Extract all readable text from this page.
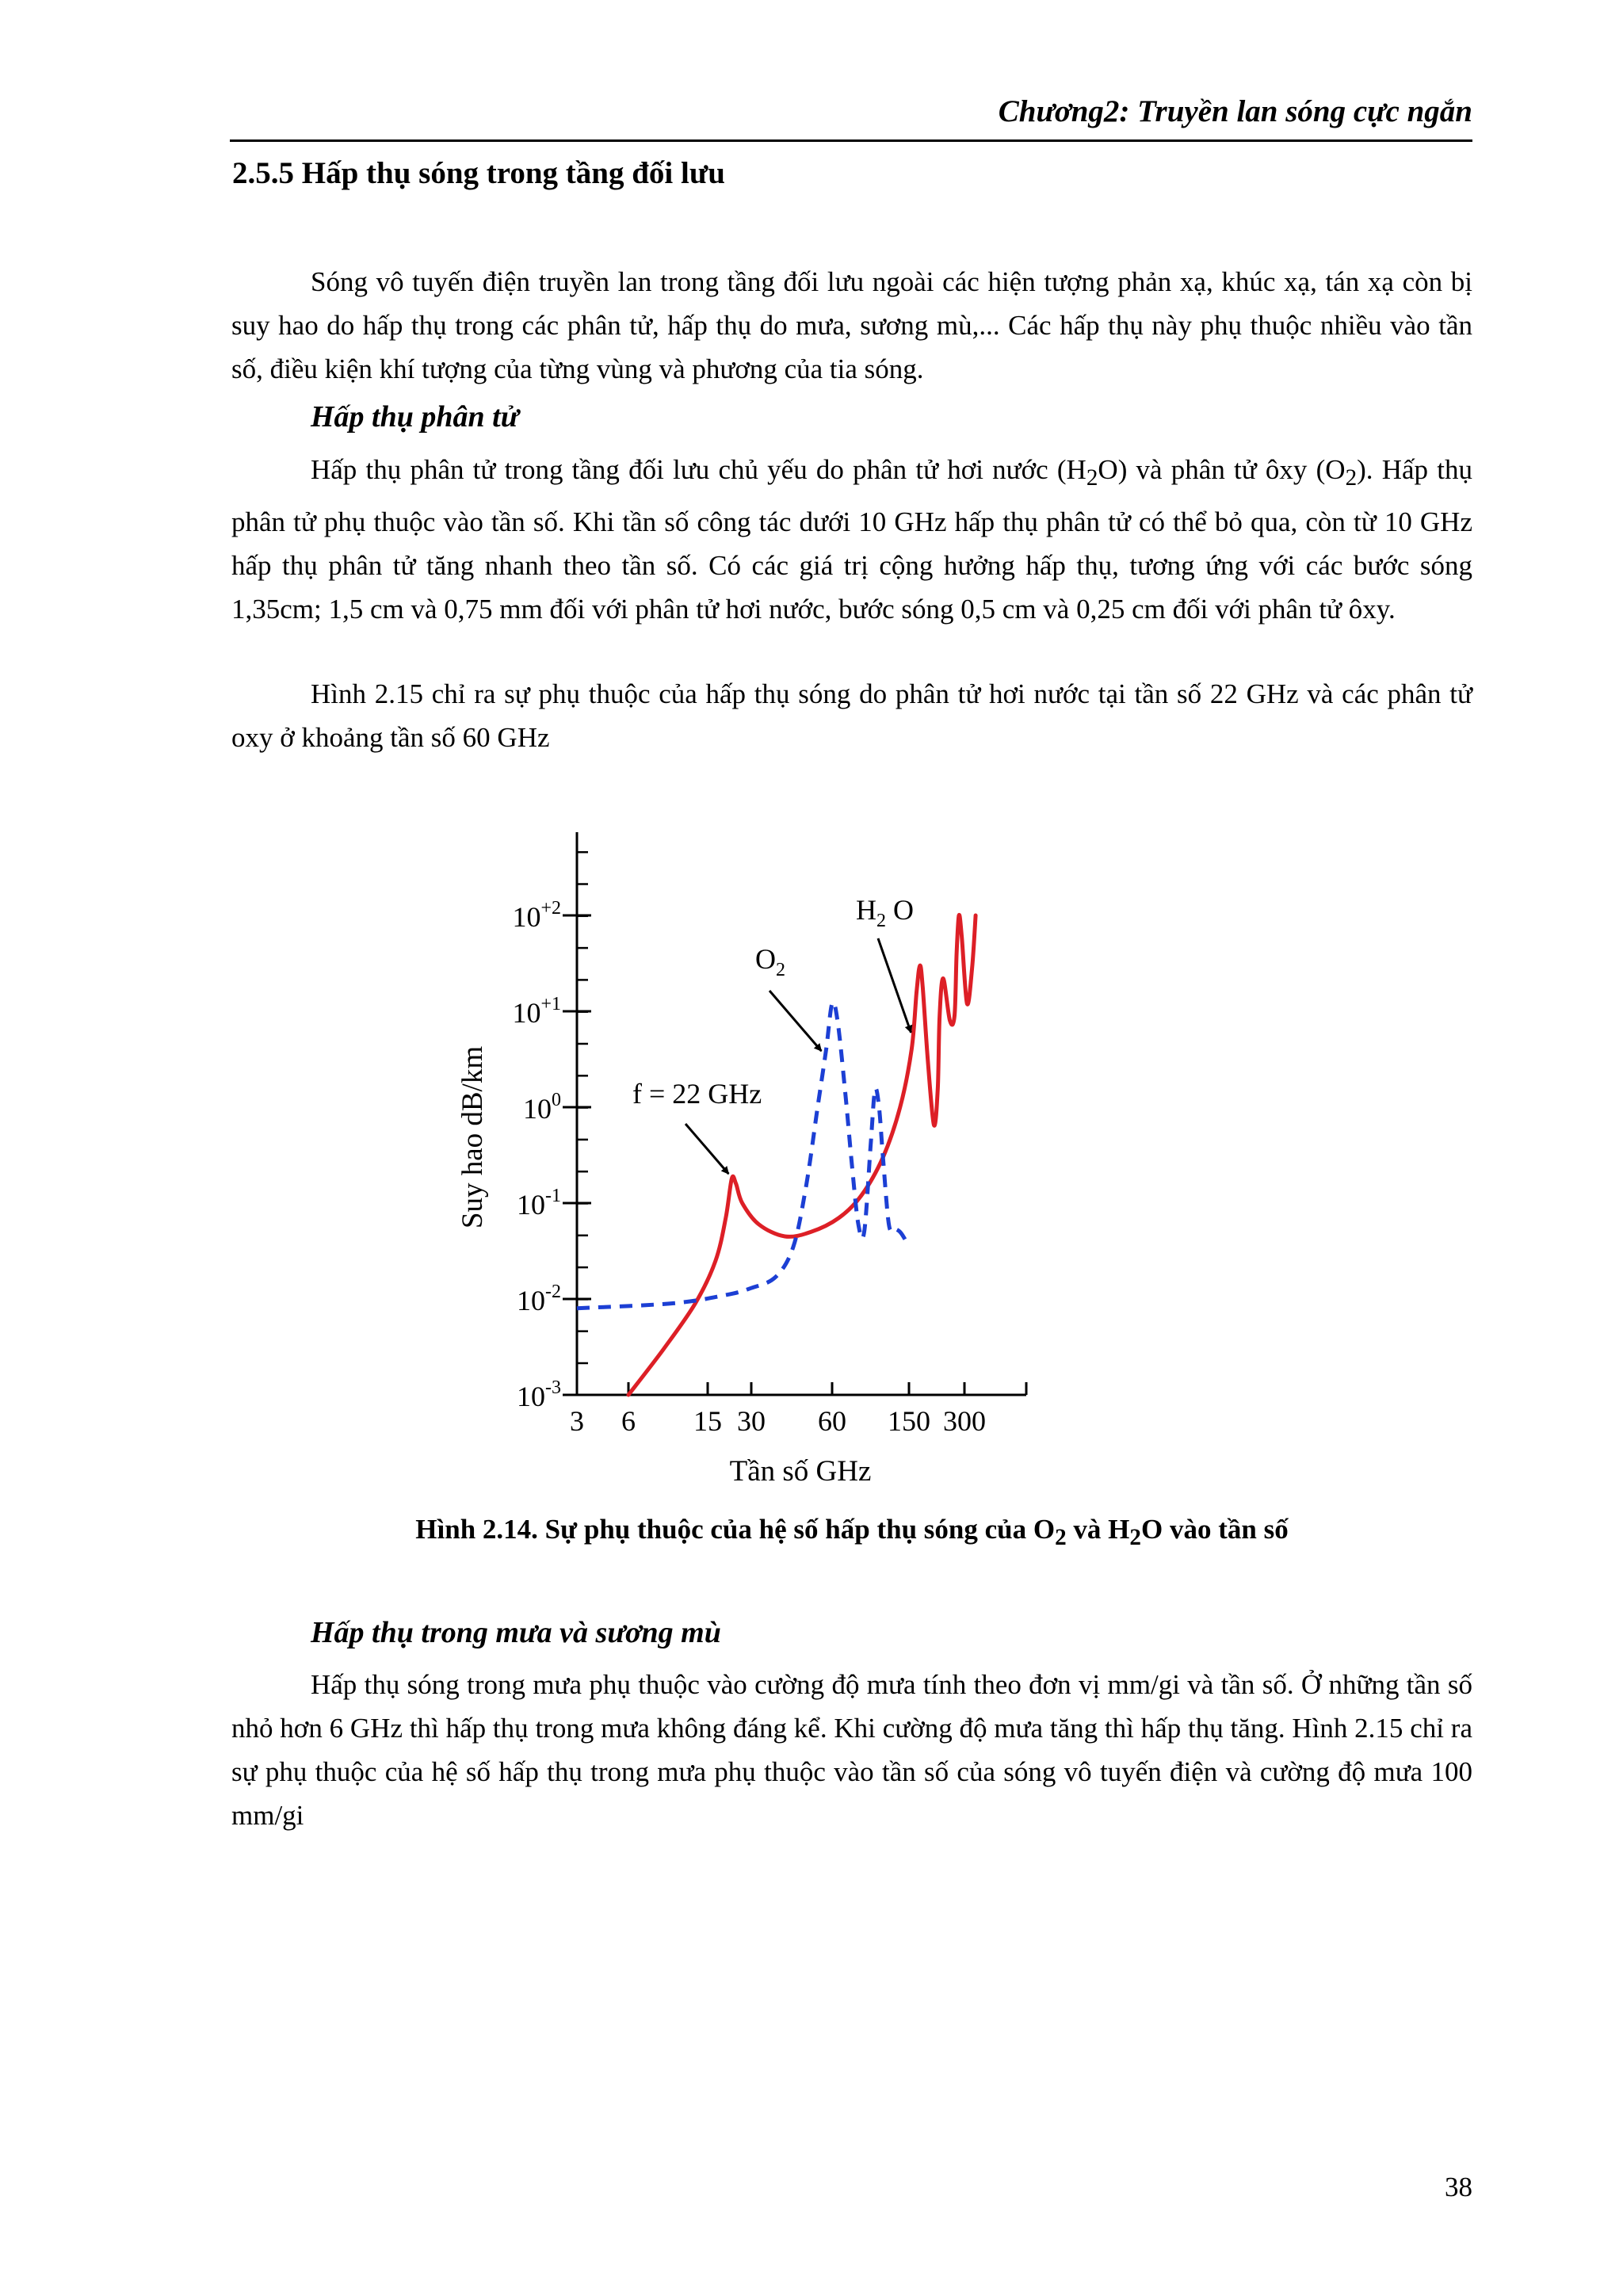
Chương2: Truyền lan sóng cực ngắn
2.5.5 Hấp thụ sóng trong tầng đối lưu

Sóng vô tuyến điện truyền lan trong tầng đối lưu ngoài các hiện tượng phản xạ, khúc xạ, tán xạ còn bị suy hao do hấp thụ trong các phân tử, hấp thụ do mưa, sương mù,... Các hấp thụ này phụ thuộc nhiều vào tần số, điều kiện khí tượng của từng vùng và phương của tia sóng.

Hấp thụ phân tử

Hấp thụ phân tử trong tầng đối lưu chủ yếu do phân tử hơi nước $(H_2O)$ và phân tử ôxy $(O_2)$. Hấp thụ phân tử phụ thuộc vào tần số. Khi tần số công tác dưới 10 GHz hấp thụ phân tử có thể bỏ qua, còn từ 10 GHz hấp thụ phân tử tăng nhanh theo tần số. Có các giá trị cộng hưởng hấp thụ, tương ứng với các bước sóng 1,35cm; 1,5 cm và 0,75 mm đối với phân tử hơi nước, bước sóng 0,5 cm và 0,25 cm đối với phân tử ôxy.

Hình 2.15 chỉ ra sự phụ thuộc của hấp thụ sóng do phân tử hơi nước tại tần số 22 GHz và các phân tử oxy ở khoảng tần số 60 GHz

$10^{-3}$
$10^{-2}$
$10^{-1}$
$10^0$
$10^{+1}$
$10^{+2}$
3 6 15 30 60 150 300
Tần số GHz
Suy hao dB/km	f = 22 GHz
$O_2$
$H_2$ O

Hình 2.14. Sự phụ thuộc của hệ số hấp thụ sóng của $O_2$ và $H_2O$ vào tần số

Hấp thụ trong mưa và sương mù

Hấp thụ sóng trong mưa phụ thuộc vào cường độ mưa tính theo đơn vị mm/gi và tần số. Ở những tần số nhỏ hơn 6 GHz thì hấp thụ trong mưa không đáng kể. Khi cường độ mưa tăng thì hấp thụ tăng. Hình 2.15 chỉ ra sự phụ thuộc của hệ số hấp thụ trong mưa phụ thuộc vào tần số của sóng vô tuyến điện và cường độ mưa 100 mm/gi

38
